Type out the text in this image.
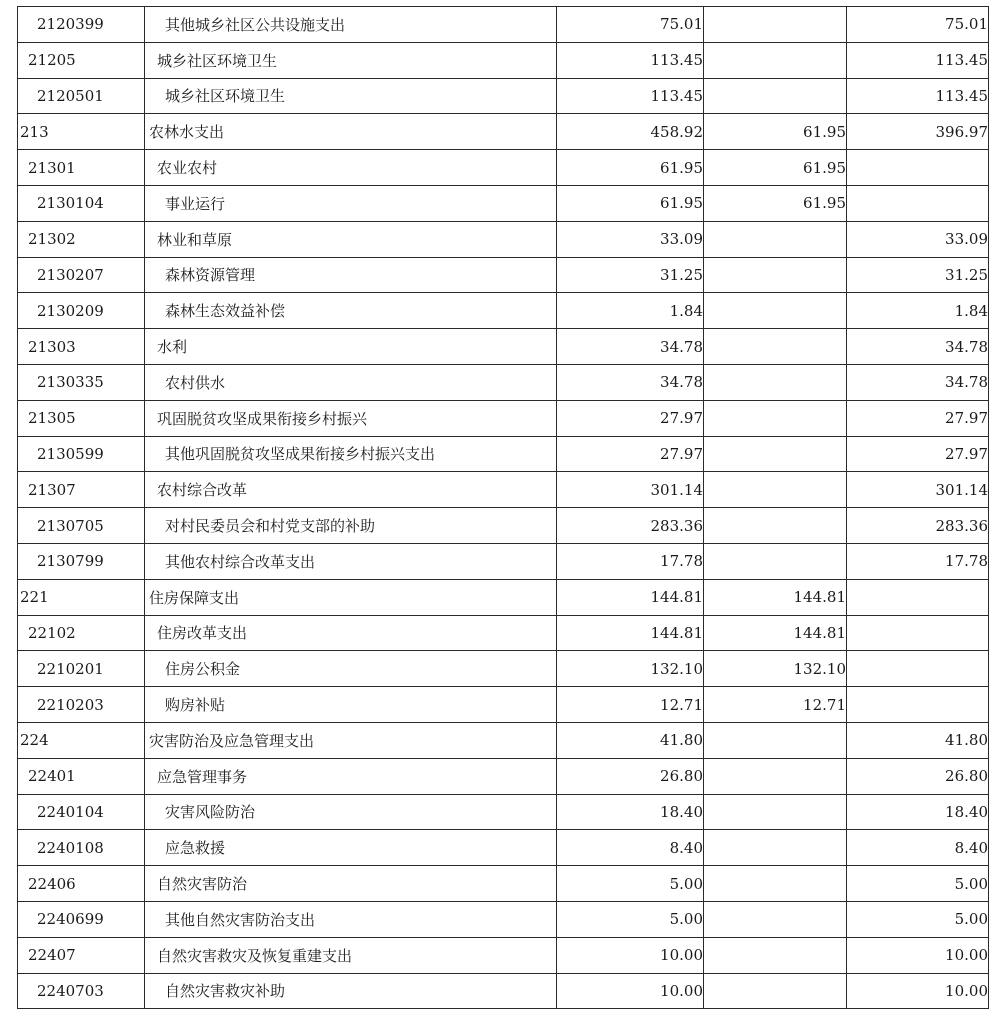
2120399	其他城乡社区公共设施支出	75.01		75.01
21205	城乡社区环境卫生	113.45		113.45
2120501	城乡社区环境卫生	113.45		113.45
213	农林水支出	458.92	61.95	396.97
21301	农业农村	61.95	61.95	
2130104	事业运行	61.95	61.95	
21302	林业和草原	33.09		33.09
2130207	森林资源管理	31.25		31.25
2130209	森林生态效益补偿	1.84		1.84
21303	水利	34.78		34.78
2130335	农村供水	34.78		34.78
21305	巩固脱贫攻坚成果衔接乡村振兴	27.97		27.97
2130599	其他巩固脱贫攻坚成果衔接乡村振兴支出	27.97		27.97
21307	农村综合改革	301.14		301.14
2130705	对村民委员会和村党支部的补助	283.36		283.36
2130799	其他农村综合改革支出	17.78		17.78
221	住房保障支出	144.81	144.81	
22102	住房改革支出	144.81	144.81	
2210201	住房公积金	132.10	132.10	
2210203	购房补贴	12.71	12.71	
224	灾害防治及应急管理支出	41.80		41.80
22401	应急管理事务	26.80		26.80
2240104	灾害风险防治	18.40		18.40
2240108	应急救援	8.40		8.40
22406	自然灾害防治	5.00		5.00
2240699	其他自然灾害防治支出	5.00		5.00
22407	自然灾害救灾及恢复重建支出	10.00		10.00
2240703	自然灾害救灾补助	10.00		10.00
